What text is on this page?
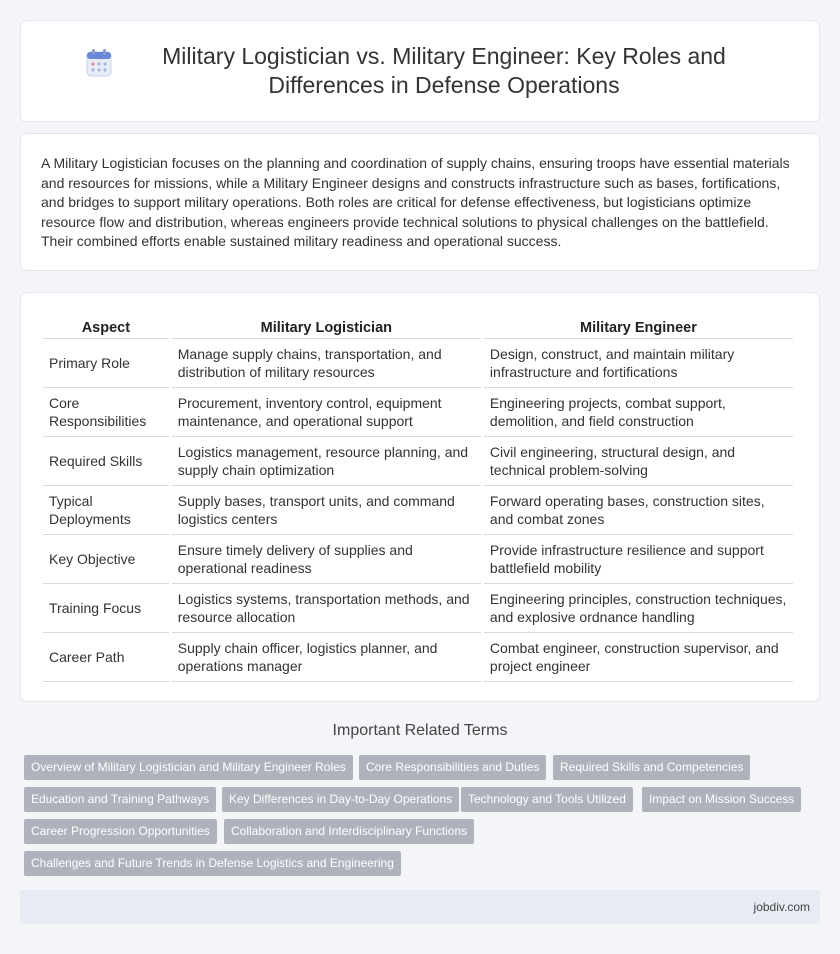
Military Logistician vs. Military Engineer: Key Roles and Differences in Defense Operations

A Military Logistician focuses on the planning and coordination of supply chains, ensuring troops have essential materials and resources for missions, while a Military Engineer designs and constructs infrastructure such as bases, fortifications, and bridges to support military operations. Both roles are critical for defense effectiveness, but logisticians optimize resource flow and distribution, whereas engineers provide technical solutions to physical challenges on the battlefield. Their combined efforts enable sustained military readiness and operational success.

Aspect	Military Logistician	Military Engineer
Primary Role	Manage supply chains, transportation, and distribution of military resources	Design, construct, and maintain military infrastructure and fortifications
Core Responsibilities	Procurement, inventory control, equipment maintenance, and operational support	Engineering projects, combat support, demolition, and field construction
Required Skills	Logistics management, resource planning, and supply chain optimization	Civil engineering, structural design, and technical problem-solving
Typical Deployments	Supply bases, transport units, and command logistics centers	Forward operating bases, construction sites, and combat zones
Key Objective	Ensure timely delivery of supplies and operational readiness	Provide infrastructure resilience and support battlefield mobility
Training Focus	Logistics systems, transportation methods, and resource allocation	Engineering principles, construction techniques, and explosive ordnance handling
Career Path	Supply chain officer, logistics planner, and operations manager	Combat engineer, construction supervisor, and project engineer
Important Related Terms
Overview of Military Logistician and Military Engineer Roles	Core Responsibilities and Duties	Required Skills and Competencies
Education and Training Pathways	Key Differences in Day-to-Day Operations	Technology and Tools Utilized	Impact on Mission Success
Career Progression Opportunities	Collaboration and Interdisciplinary Functions
Challenges and Future Trends in Defense Logistics and Engineering
jobdiv.com
